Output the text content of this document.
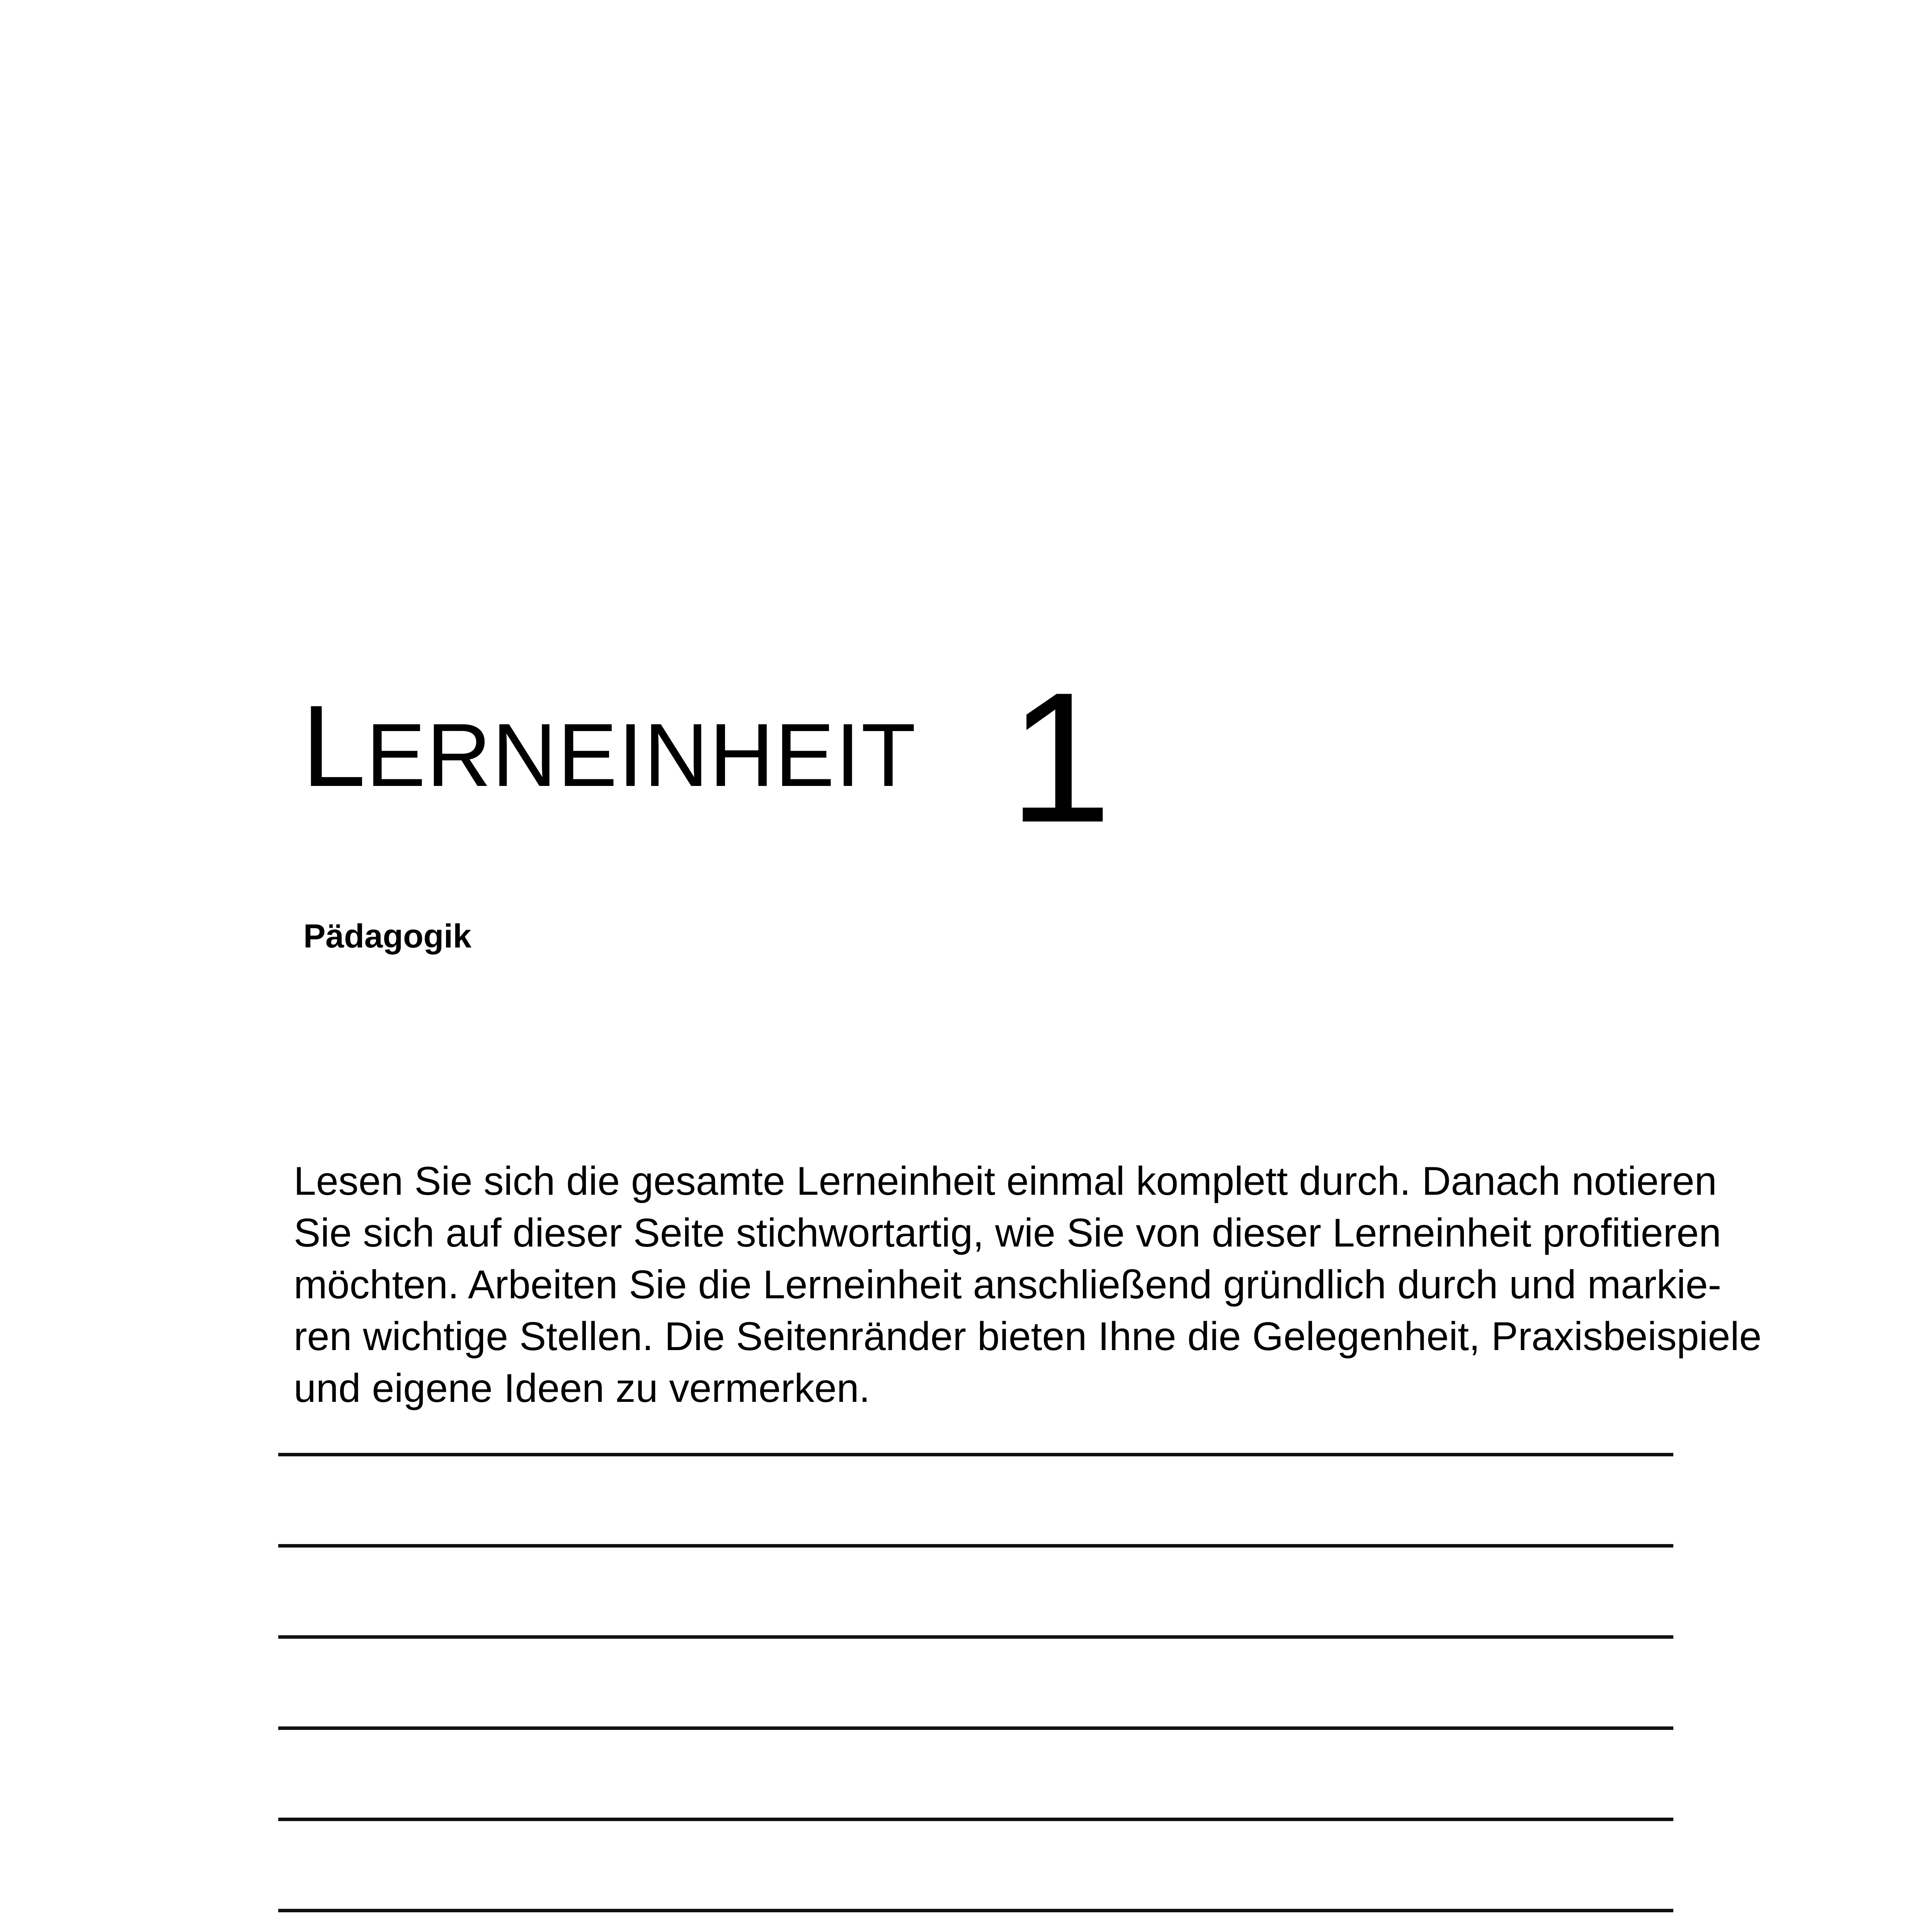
LERNEINHEIT 1
Pädagogik

Lesen Sie sich die gesamte Lerneinheit einmal komplett durch. Danach notieren
Sie sich auf dieser Seite stichwortartig, wie Sie von dieser Lerneinheit profitieren
möchten. Arbeiten Sie die Lerneinheit anschließend gründlich durch und markie-
ren wichtige Stellen. Die Seitenränder bieten Ihne die Gelegenheit, Praxisbeispiele
und eigene Ideen zu vermerken.
